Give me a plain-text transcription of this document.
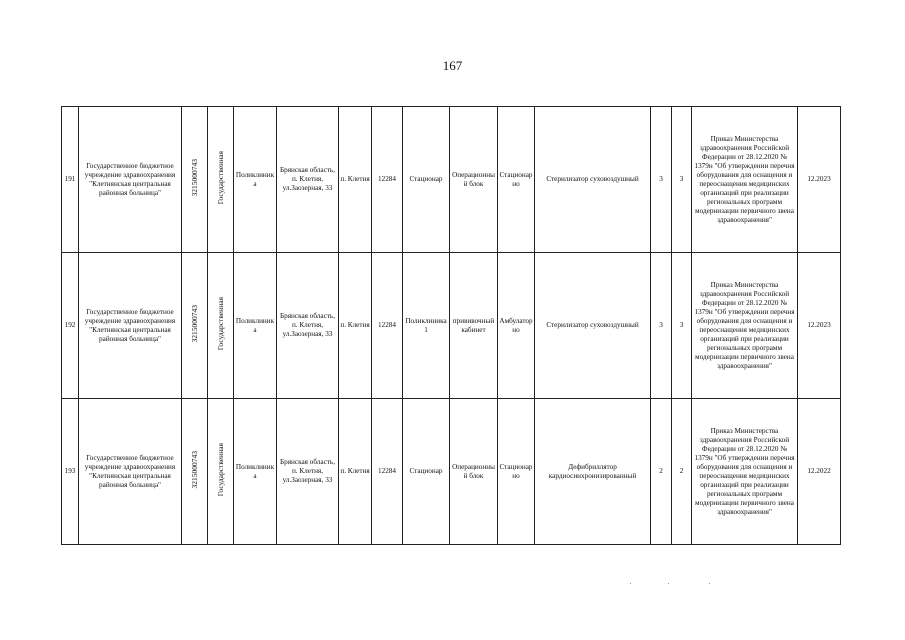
167
191	Государственное бюджетное учреждение здравоохранения "Клетнянская центральная районная больница"	3215000743	Государственная	Поликлиника	Брянская область, п. Клетня, ул.Заозерная, 33	п. Клетня	12284	Стационар	Операционный блок	Стационарно	Стерилизатор суховоздушный	3	3	Приказ Министерства здравоохранения Российской Федерации от 28.12.2020 № 1379н "Об утверждении перечня оборудования для оснащения и переоснащения медицинских организаций при реализации региональных программ модернизации первичного звена здравоохранения"	12.2023
192	Государственное бюджетное учреждение здравоохранения "Клетнянская центральная районная больница"	3215000743	Государственная	Поликлиника	Брянская область, п. Клетня, ул.Заозерная, 33	п. Клетня	12284	Поликлиника 1	прививочный кабинет	Амбулаторно	Стерилизатор суховоздушный	3	3	Приказ Министерства здравоохранения Российской Федерации от 28.12.2020 № 1379н "Об утверждении перечня оборудования для оснащения и переоснащения медицинских организаций при реализации региональных программ модернизации первичного звена здравоохранения"	12.2023
193	Государственное бюджетное учреждение здравоохранения "Клетнянская центральная районная больница"	3215000743	Государственная	Поликлиника	Брянская область, п. Клетня, ул.Заозерная, 33	п. Клетня	12284	Стационар	Операционный блок	Стационарно	Дефибриллятор кардиосинхронизированный	2	2	Приказ Министерства здравоохранения Российской Федерации от 28.12.2020 № 1379н "Об утверждении перечня оборудования для оснащения и переоснащения медицинских организаций при реализации региональных программ модернизации первичного звена здравоохранения"	12.2022
